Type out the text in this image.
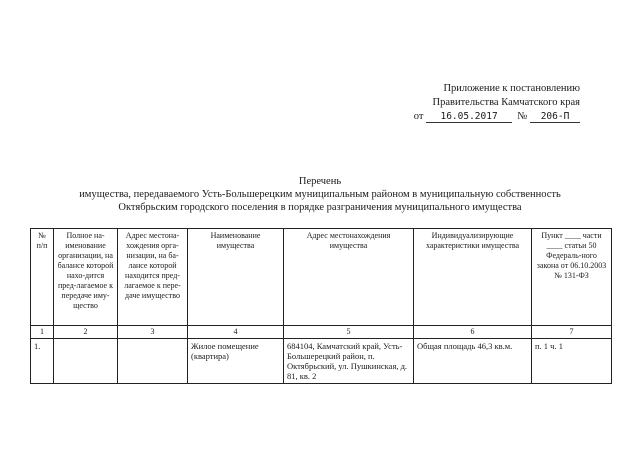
Приложение к постановлению
Правительства Камчатского края
от 16.05.2017 № 206-П
Перечень
имущества, передаваемого Усть-Большерецким муниципальным районом в муниципальную собственность
Октябрьским городского поселения в порядке разграничения муниципального имущества
№ п/п	Полное на-именование организации, на балансе которой нахо-дится пред-лагаемое к передаче иму-щество	Адрес местона-хождения орга-низации, на ба-лансе которой находится пред-лагаемое к пере-даче имущество	Наименование имущества	Адрес местонахождения имущества	Индивидуализирующие характеристики имущества	Пункт ____ части ____ статьи 50 Федераль-ного закона от 06.10.2003 № 131-ФЗ
1	2	3	4	5	6	7
1.			Жилое помещение (квартира)	684104, Камчатский край, Усть-Большерецкий район, п. Октябрьский, ул. Пушкинская, д. 81, кв. 2	Общая площадь 46,3 кв.м.	п. 1 ч. 1
